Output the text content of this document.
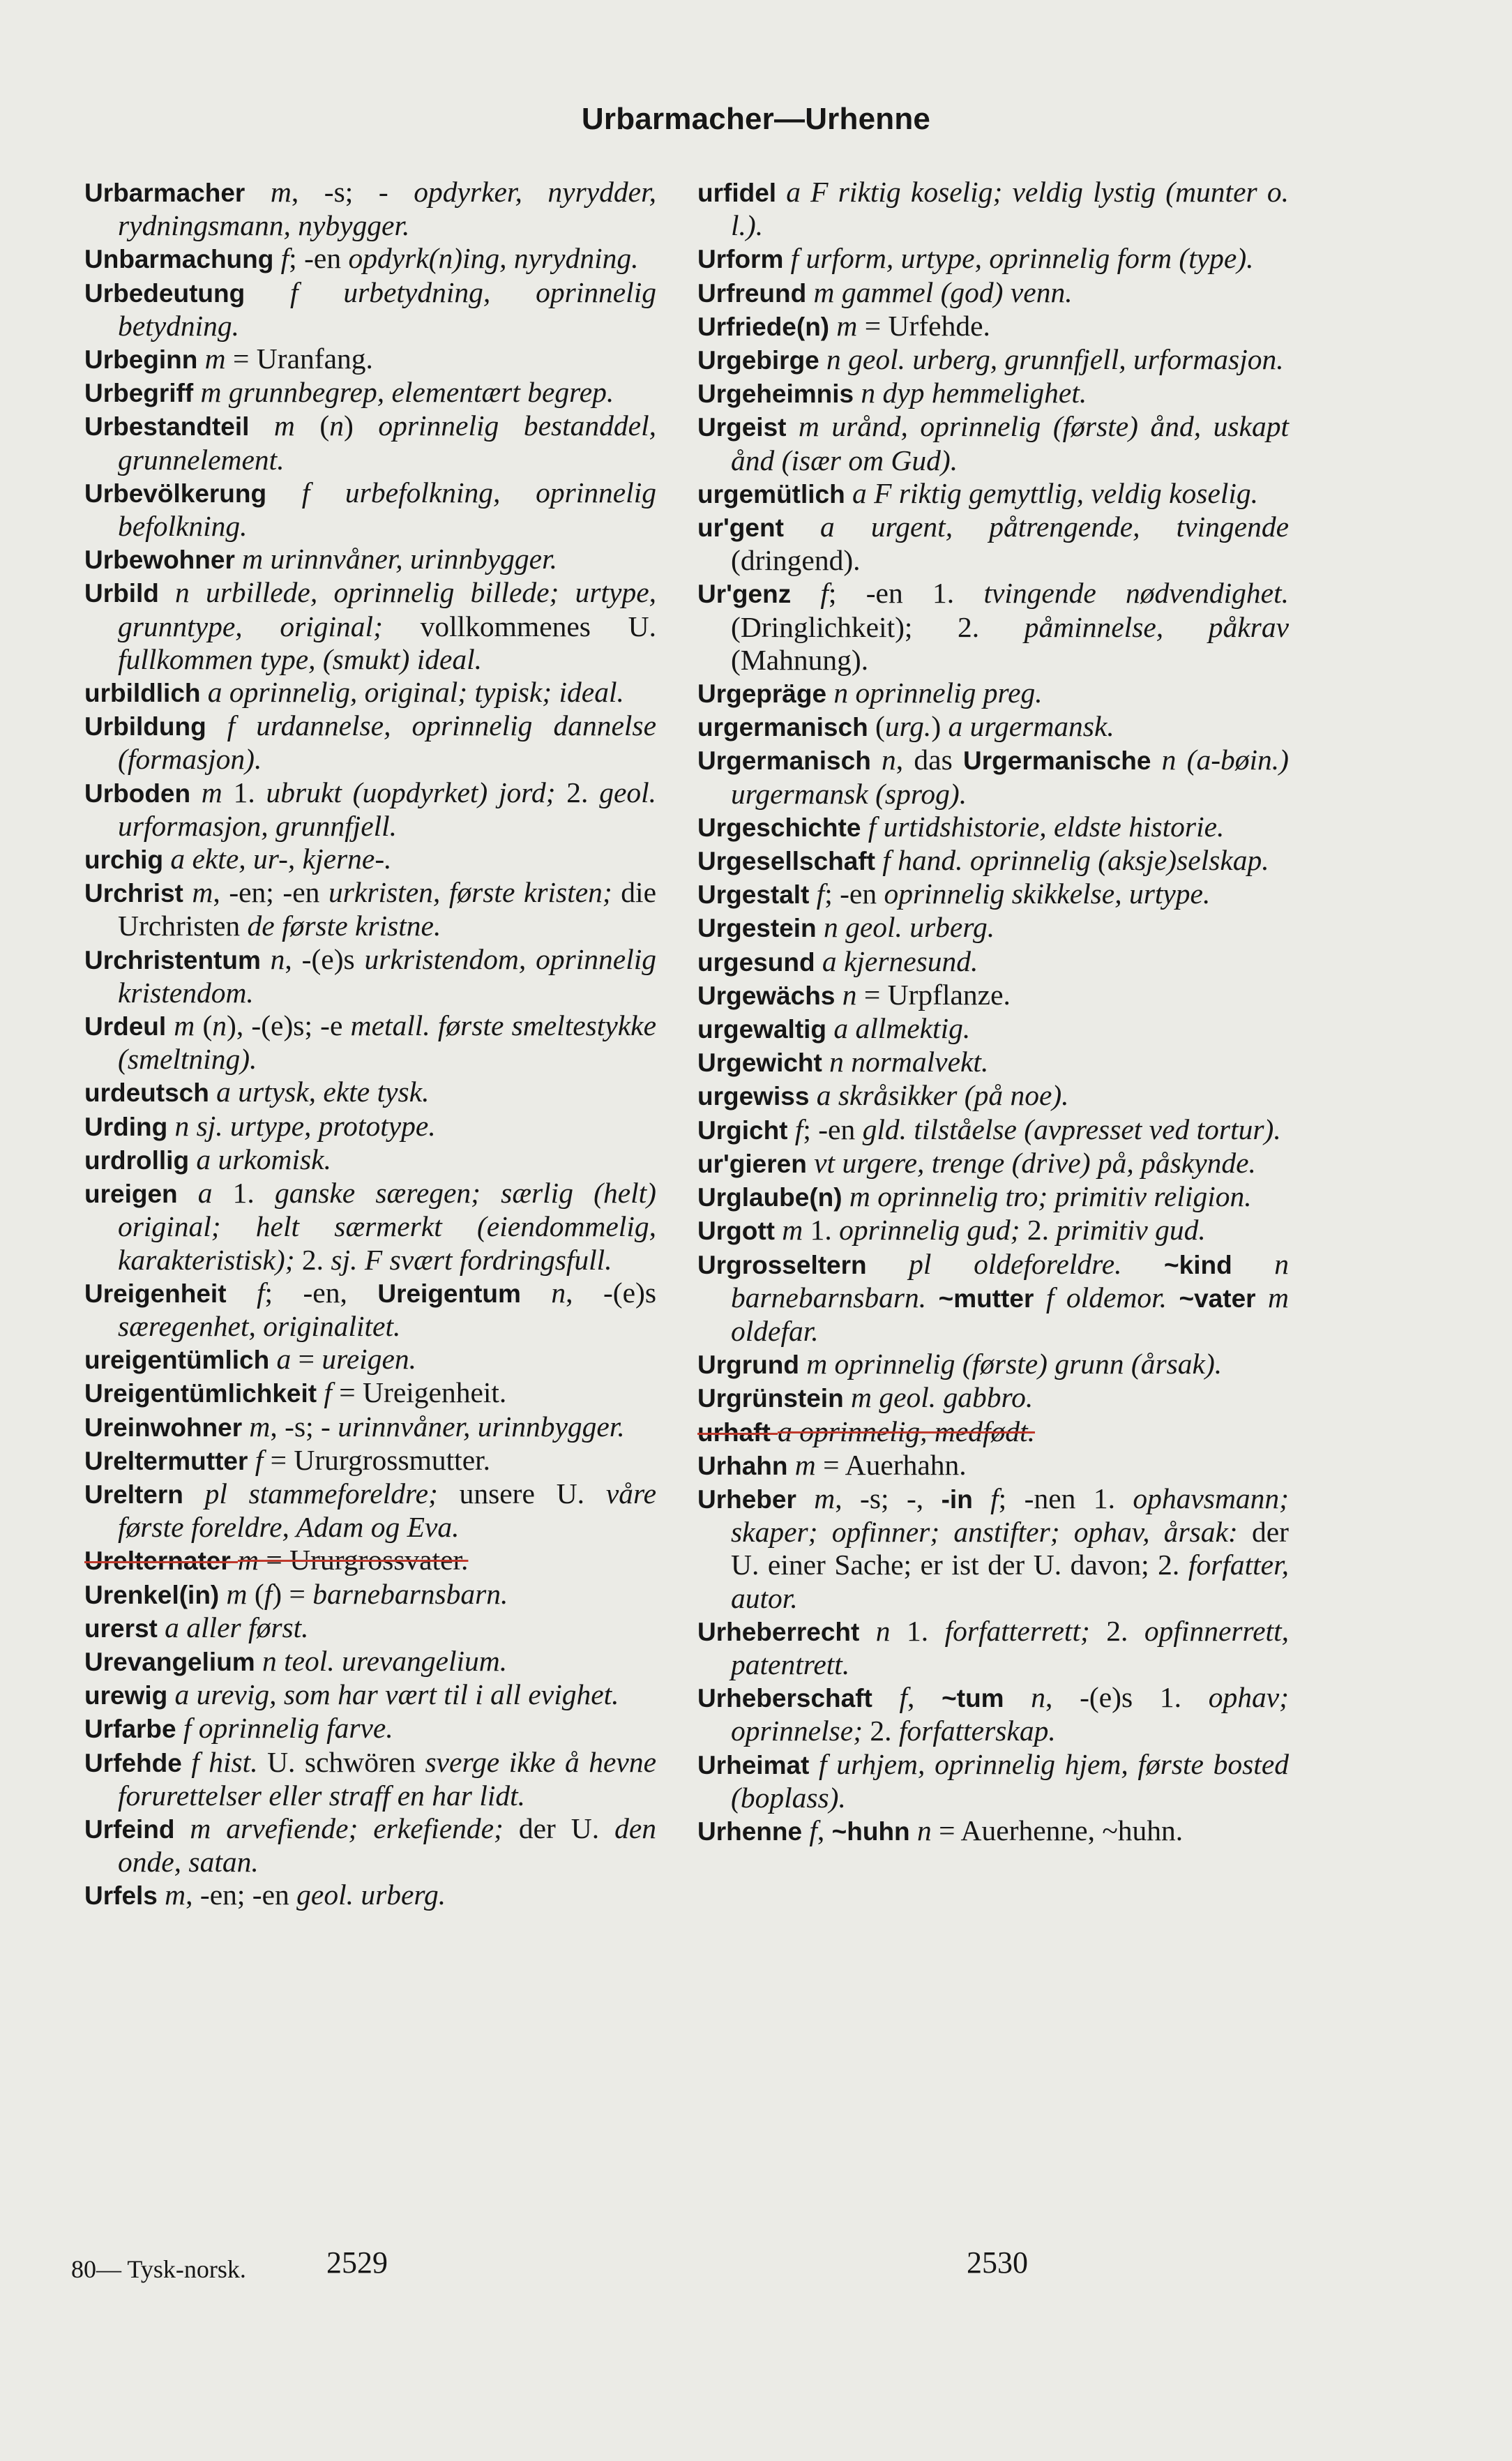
Urbarmacher—Urhenne
Urbarmacher m, -s; - opdyrker, nyrydder, rydningsmann, nybygger.
Unbarmachung f; -en opdyrk(n)ing, nyrydning.
Urbedeutung f urbetydning, oprinnelig betydning.
Urbeginn m = Uranfang.
Urbegriff m grunnbegrep, elementært begrep.
Urbestandteil m (n) oprinnelig bestanddel, grunnelement.
Urbevölkerung f urbefolkning, oprinnelig befolkning.
Urbewohner m urinnvåner, urinnbygger.
Urbild n urbillede, oprinnelig billede; urtype, grunntype, original; vollkommenes U. fullkommen type, (smukt) ideal.
urbildlich a oprinnelig, original; typisk; ideal.
Urbildung f urdannelse, oprinnelig dannelse (formasjon).
Urboden m 1. ubrukt (uopdyrket) jord; 2. geol. urformasjon, grunnfjell.
urchig a ekte, ur-, kjerne-.
Urchrist m, -en; -en urkristen, første kristen; die Urchristen de første kristne.
Urchristentum n, -(e)s urkristendom, oprinnelig kristendom.
Urdeul m (n), -(e)s; -e metall. første smeltestykke (smeltning).
urdeutsch a urtysk, ekte tysk.
Urding n sj. urtype, prototype.
urdrollig a urkomisk.
ureigen a 1. ganske særegen; særlig (helt) original; helt særmerkt (eiendommelig, karakteristisk); 2. sj. F svært fordringsfull.
Ureigenheit f; -en, Ureigentum n, -(e)s særegenhet, originalitet.
ureigentümlich a = ureigen.
Ureigentümlichkeit f = Ureigenheit.
Ureinwohner m, -s; - urinnvåner, urinnbygger.
Ureltermutter f = Ururgrossmutter.
Ureltern pl stammeforeldre; unsere U. våre første foreldre, Adam og Eva.
Urelternater m = Ururgrossvater.
Urenkel(in) m (f) = barnebarnsbarn.
urerst a aller først.
Urevangelium n teol. urevangelium.
urewig a urevig, som har vært til i all evighet.
Urfarbe f oprinnelig farve.
Urfehde f hist. U. schwören sverge ikke å hevne forurettelser eller straff en har lidt.
Urfeind m arvefiende; erkefiende; der U. den onde, satan.
Urfels m, -en; -en geol. urberg.
urfidel a F riktig koselig; veldig lystig (munter o. l.).
Urform f urform, urtype, oprinnelig form (type).
Urfreund m gammel (god) venn.
Urfriede(n) m = Urfehde.
Urgebirge n geol. urberg, grunnfjell, urformasjon.
Urgeheimnis n dyp hemmelighet.
Urgeist m urånd, oprinnelig (første) ånd, uskapt ånd (især om Gud).
urgemütlich a F riktig gemyttlig, veldig koselig.
ur'gent a urgent, påtrengende, tvingende (dringend).
Ur'genz f; -en 1. tvingende nødvendighet. (Dringlichkeit); 2. påminnelse, påkrav (Mahnung).
Urgepräge n oprinnelig preg.
urgermanisch (urg.) a urgermansk.
Urgermanisch n, das Urgermanische n (a-bøin.) urgermansk (sprog).
Urgeschichte f urtidshistorie, eldste historie.
Urgesellschaft f hand. oprinnelig (aksje)selskap.
Urgestalt f; -en oprinnelig skikkelse, urtype.
Urgestein n geol. urberg.
urgesund a kjernesund.
Urgewächs n = Urpflanze.
urgewaltig a allmektig.
Urgewicht n normalvekt.
urgewiss a skråsikker (på noe).
Urgicht f; -en gld. tilståelse (avpresset ved tortur).
ur'gieren vt urgere, trenge (drive) på, påskynde.
Urglaube(n) m oprinnelig tro; primitiv religion.
Urgott m 1. oprinnelig gud; 2. primitiv gud.
Urgrosseltern pl oldeforeldre. ~kind n barnebarnsbarn. ~mutter f oldemor. ~vater m oldefar.
Urgrund m oprinnelig (første) grunn (årsak).
Urgrünstein m geol. gabbro.
urhaft a oprinnelig, medfødt.
Urhahn m = Auerhahn.
Urheber m, -s; -, -in f; -nen 1. ophavsmann; skaper; opfinner; anstifter; ophav, årsak: der U. einer Sache; er ist der U. davon; 2. forfatter, autor.
Urheberrecht n 1. forfatterrett; 2. opfinnerrett, patentrett.
Urheberschaft f, ~tum n, -(e)s 1. ophav; oprinnelse; 2. forfatterskap.
Urheimat f urhjem, oprinnelig hjem, første bosted (boplass).
Urhenne f, ~huhn n = Auerhenne, ~huhn.
80— Tysk-norsk.	2529	2530
